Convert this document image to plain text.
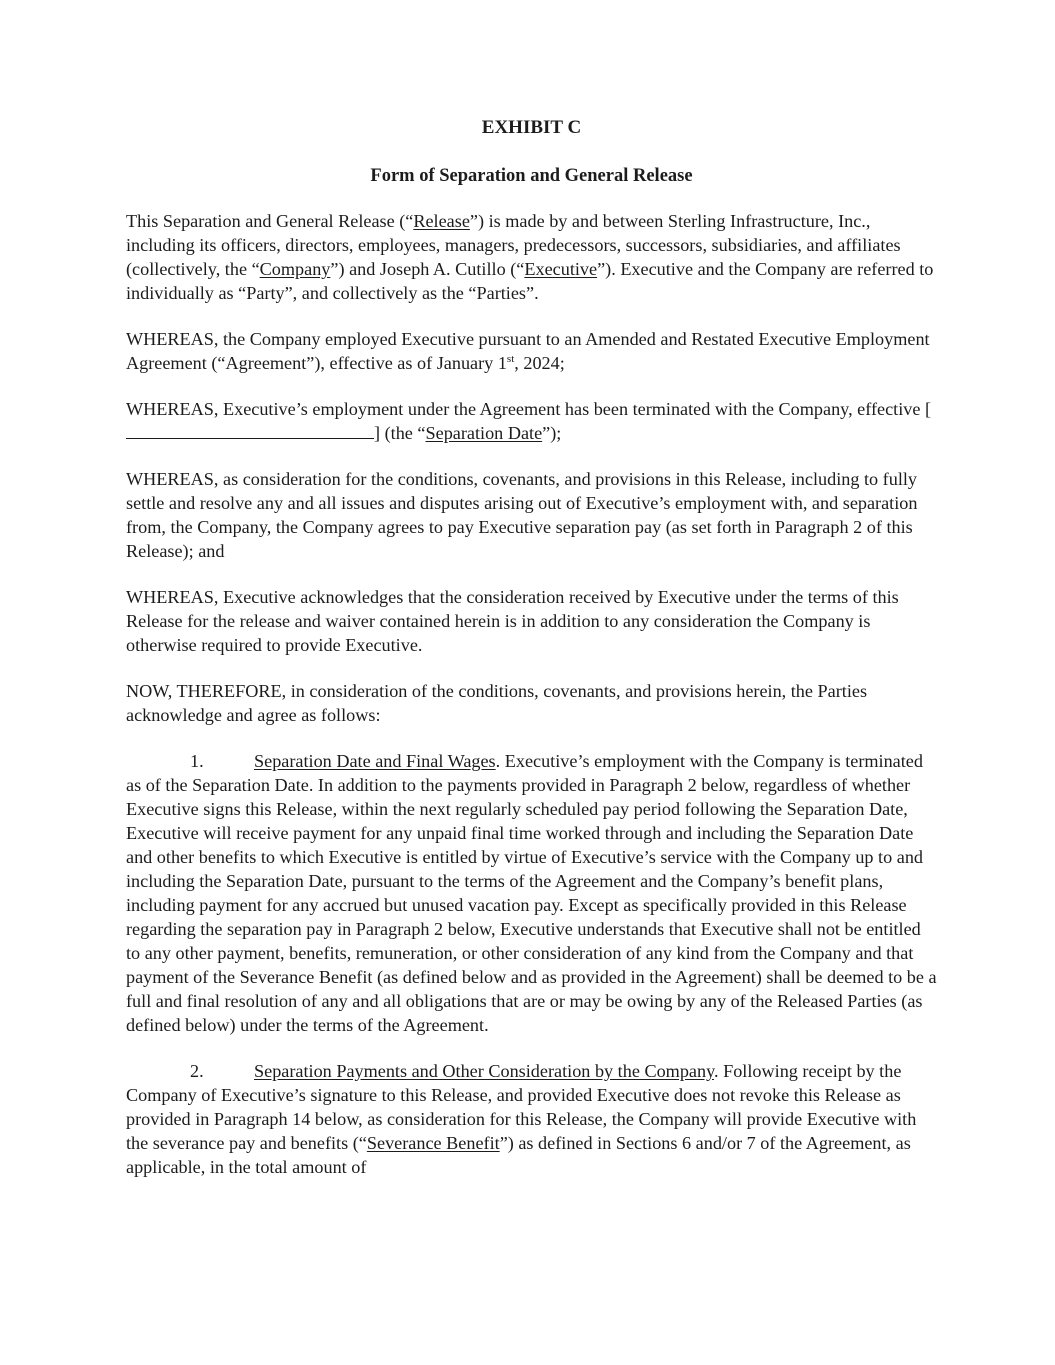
EXHIBIT C
Form of Separation and General Release

This Separation and General Release (“Release”) is made by and between Sterling Infrastructure, Inc., including its officers, directors, employees, managers, predecessors, successors, subsidiaries, and affiliates (collectively, the “Company”) and Joseph A. Cutillo (“Executive”). Executive and the Company are referred to individually as “Party”, and collectively as the “Parties”.

WHEREAS, the Company employed Executive pursuant to an Amended and Restated Executive Employment Agreement (“Agreement”), effective as of January 1st, 2024;

WHEREAS, Executive’s employment under the Agreement has been terminated with the Company, effective [] (the “Separation Date”);

WHEREAS, as consideration for the conditions, covenants, and provisions in this Release, including to fully settle and resolve any and all issues and disputes arising out of Executive’s employment with, and separation from, the Company, the Company agrees to pay Executive separation pay (as set forth in Paragraph 2 of this Release); and

WHEREAS, Executive acknowledges that the consideration received by Executive under the terms of this Release for the release and waiver contained herein is in addition to any consideration the Company is otherwise required to provide Executive.

NOW, THEREFORE, in consideration of the conditions, covenants, and provisions herein, the Parties acknowledge and agree as follows:

1.	Separation Date and Final Wages. Executive’s employment with the Company is terminated as of the Separation Date. In addition to the payments provided in Paragraph 2 below, regardless of whether Executive signs this Release, within the next regularly scheduled pay period following the Separation Date, Executive will receive payment for any unpaid final time worked through and including the Separation Date and other benefits to which Executive is entitled by virtue of Executive’s service with the Company up to and including the Separation Date, pursuant to the terms of the Agreement and the Company’s benefit plans, including payment for any accrued but unused vacation pay. Except as specifically provided in this Release regarding the separation pay in Paragraph 2 below, Executive understands that Executive shall not be entitled to any other payment, benefits, remuneration, or other consideration of any kind from the Company and that payment of the Severance Benefit (as defined below and as provided in the Agreement) shall be deemed to be a full and final resolution of any and all obligations that are or may be owing by any of the Released Parties (as defined below) under the terms of the Agreement.

2.	Separation Payments and Other Consideration by the Company. Following receipt by the Company of Executive’s signature to this Release, and provided Executive does not revoke this Release as provided in Paragraph 14 below, as consideration for this Release, the Company will provide Executive with the severance pay and benefits (“Severance Benefit”) as defined in Sections 6 and/or 7 of the Agreement, as applicable, in the total amount of
